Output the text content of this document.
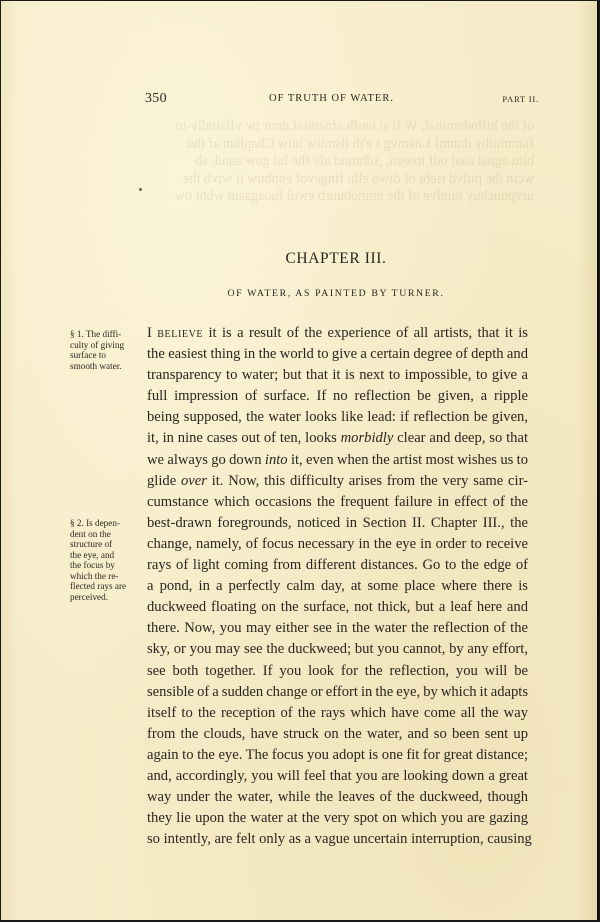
of the hiflndeminaf, W fi si taufh afnamiaf.dnur tw vffsindlv-to
fiammitby dnnmf Lnamvg i e'th ilsmliw iniw Chaphun af thu
bltu agnal aaal odf ireeun, ,sdhmnd afe fhe lui guw aand, sb
wcin ihe pitlvd riebt of diwo elln fingevof ennbuw ti wtvb ihe
urvpnuchuy tuinlve of the nmnobuurb ewul fuoagaam wbht ow
350	OF TRUTH OF WATER.	PART II.
CHAPTER III.
OF WATER, AS PAINTED BY TURNER.
§ 1. The diffi-
culty of giving
surface to
smooth water.
§ 2. Is depen-
dent on the
structure of
the eye, and
the focus by
which the re-
flected rays are
perceived.
I believe it is a result of the experience of all artists, that it is
the easiest thing in the world to give a certain degree of depth and
transparency to water; but that it is next to impossible, to give a
full impression of surface. If no reflection be given, a ripple
being supposed, the water looks like lead: if reflection be given,
it, in nine cases out of ten, looks morbidly clear and deep, so that
we always go down into it, even when the artist most wishes us to
glide over it. Now, this difficulty arises from the very same cir-
cumstance which occasions the frequent failure in effect of the
best-drawn foregrounds, noticed in Section II. Chapter III., the
change, namely, of focus necessary in the eye in order to receive
rays of light coming from different distances. Go to the edge of
a pond, in a perfectly calm day, at some place where there is
duckweed floating on the surface, not thick, but a leaf here and
there. Now, you may either see in the water the reflection of the
sky, or you may see the duckweed; but you cannot, by any effort,
see both together. If you look for the reflection, you will be
sensible of a sudden change or effort in the eye, by which it adapts
itself to the reception of the rays which have come all the way
from the clouds, have struck on the water, and so been sent up
again to the eye. The focus you adopt is one fit for great distance;
and, accordingly, you will feel that you are looking down a great
way under the water, while the leaves of the duckweed, though
they lie upon the water at the very spot on which you are gazing
so intently, are felt only as a vague uncertain interruption, causing
